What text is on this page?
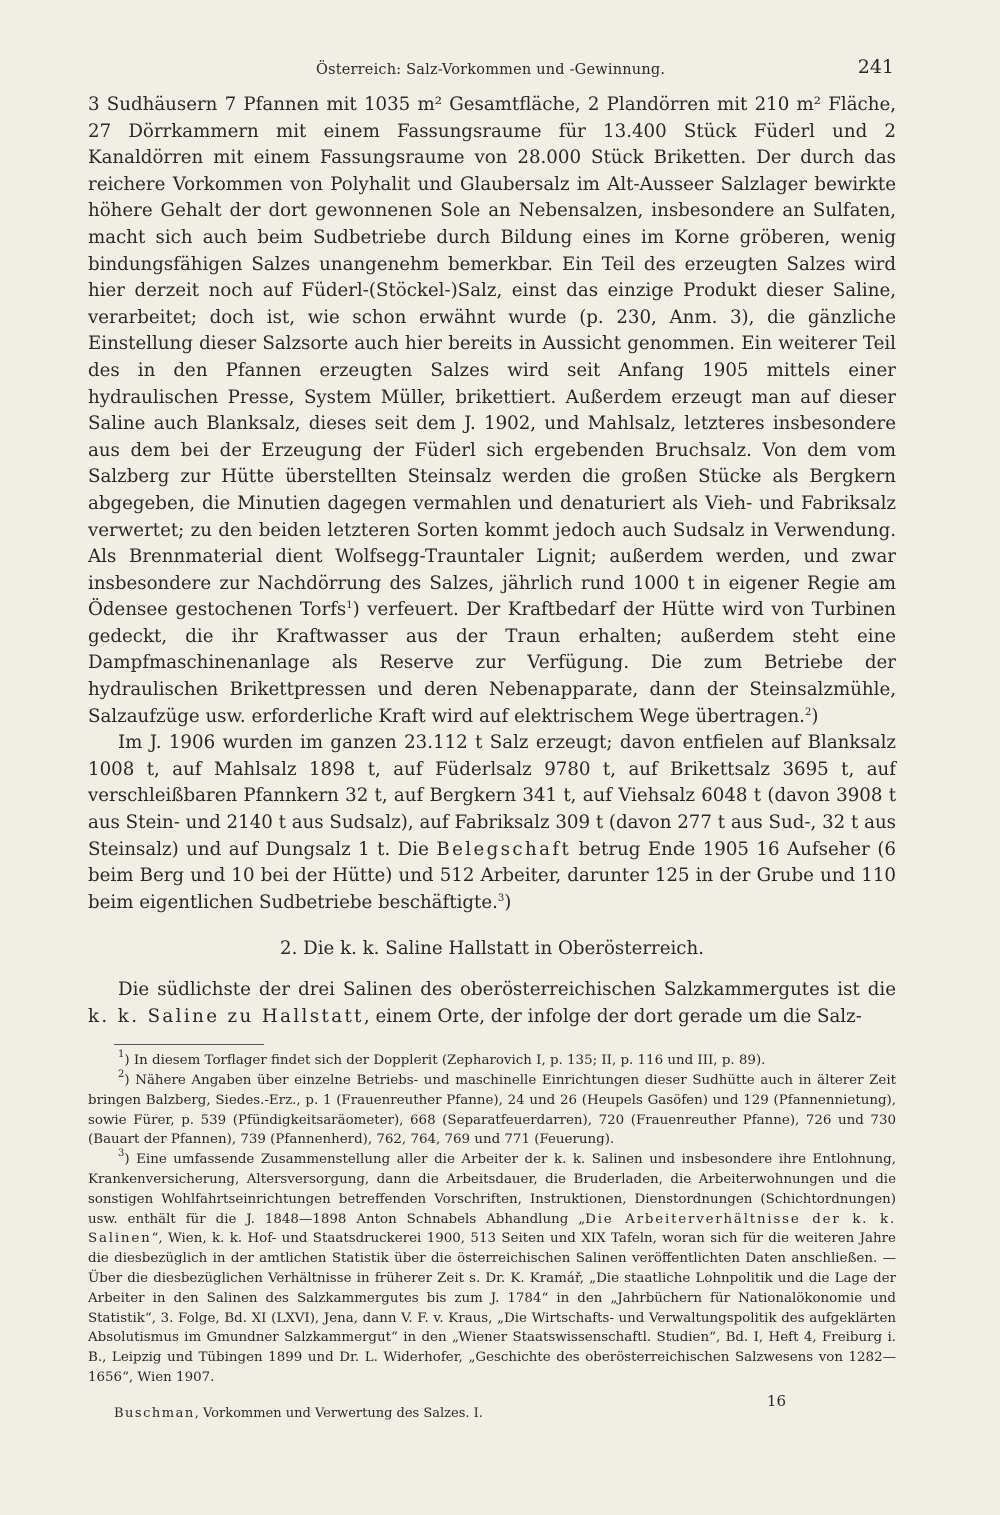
Österreich: Salz-Vorkommen und -Gewinnung.	241

3 Sudhäusern 7 Pfannen mit 1035 m² Gesamtfläche, 2 Plandörren mit 210 m² Fläche, 27 Dörrkammern mit einem Fassungsraume für 13.400 Stück Füderl und 2 Kanaldörren mit einem Fassungsraume von 28.000 Stück Briketten. Der durch das reichere Vorkommen von Polyhalit und Glaubersalz im Alt-Ausseer Salzlager bewirkte höhere Gehalt der dort gewonnenen Sole an Nebensalzen, insbesondere an Sulfaten, macht sich auch beim Sudbetriebe durch Bildung eines im Korne gröberen, wenig bindungsfähigen Salzes unangenehm bemerkbar. Ein Teil des erzeugten Salzes wird hier derzeit noch auf Füderl-(Stöckel-)Salz, einst das einzige Produkt dieser Saline, verarbeitet; doch ist, wie schon erwähnt wurde (p. 230, Anm. 3), die gänzliche Einstellung dieser Salzsorte auch hier bereits in Aussicht genommen. Ein weiterer Teil des in den Pfannen erzeugten Salzes wird seit Anfang 1905 mittels einer hydraulischen Presse, System Müller, brikettiert. Außerdem erzeugt man auf dieser Saline auch Blanksalz, dieses seit dem J. 1902, und Mahlsalz, letzteres insbesondere aus dem bei der Erzeugung der Füderl sich ergebenden Bruchsalz. Von dem vom Salzberg zur Hütte überstellten Steinsalz werden die großen Stücke als Bergkern abgegeben, die Minutien dagegen vermahlen und denaturiert als Vieh- und Fabriksalz verwertet; zu den beiden letzteren Sorten kommt jedoch auch Sudsalz in Verwendung. Als Brennmaterial dient Wolfsegg-Trauntaler Lignit; außerdem werden, und zwar insbesondere zur Nachdörrung des Salzes, jährlich rund 1000 t in eigener Regie am Ödensee gestochenen Torfs$^1$) verfeuert. Der Kraftbedarf der Hütte wird von Turbinen gedeckt, die ihr Kraftwasser aus der Traun erhalten; außerdem steht eine Dampfmaschinenanlage als Reserve zur Verfügung. Die zum Betriebe der hydraulischen Brikettpressen und deren Nebenapparate, dann der Steinsalzmühle, Salzaufzüge usw. erforderliche Kraft wird auf elektrischem Wege übertragen.$^2$)

Im J. 1906 wurden im ganzen 23.112 t Salz erzeugt; davon entfielen auf Blanksalz 1008 t, auf Mahlsalz 1898 t, auf Füderlsalz 9780 t, auf Brikettsalz 3695 t, auf verschleißbaren Pfannkern 32 t, auf Bergkern 341 t, auf Viehsalz 6048 t (davon 3908 t aus Stein- und 2140 t aus Sudsalz), auf Fabriksalz 309 t (davon 277 t aus Sud-, 32 t aus Steinsalz) und auf Dungsalz 1 t. Die Belegschaft betrug Ende 1905 16 Aufseher (6 beim Berg und 10 bei der Hütte) und 512 Arbeiter, darunter 125 in der Grube und 110 beim eigentlichen Sudbetriebe beschäftigte.$^3$)

2. Die k. k. Saline Hallstatt in Oberösterreich.

Die südlichste der drei Salinen des oberösterreichischen Salzkammergutes ist die k. k. Saline zu Hallstatt, einem Orte, der infolge der dort gerade um die Salz-

$^1$) In diesem Torflager findet sich der Dopplerit (Zepharovich I, p. 135; II, p. 116 und III, p. 89).

$^2$) Nähere Angaben über einzelne Betriebs- und maschinelle Einrichtungen dieser Sudhütte auch in älterer Zeit bringen Balzberg, Siedes.-Erz., p. 1 (Frauenreuther Pfanne), 24 und 26 (Heupels Gasöfen) und 129 (Pfannennietung), sowie Fürer, p. 539 (Pfündigkeitsaräometer), 668 (Separatfeuerdarren), 720 (Frauenreuther Pfanne), 726 und 730 (Bauart der Pfannen), 739 (Pfannenherd), 762, 764, 769 und 771 (Feuerung).

$^3$) Eine umfassende Zusammenstellung aller die Arbeiter der k. k. Salinen und insbesondere ihre Entlohnung, Krankenversicherung, Altersversorgung, dann die Arbeitsdauer, die Bruderladen, die Arbeiterwohnungen und die sonstigen Wohlfahrtseinrichtungen betreffenden Vorschriften, Instruktionen, Dienstordnungen (Schichtordnungen) usw. enthält für die J. 1848—1898 Anton Schnabels Abhandlung „Die Arbeiterverhältnisse der k. k. Salinen“, Wien, k. k. Hof- und Staatsdruckerei 1900, 513 Seiten und XIX Tafeln, woran sich für die weiteren Jahre die diesbezüglich in der amtlichen Statistik über die österreichischen Salinen veröffentlichten Daten anschließen. — Über die diesbezüglichen Verhältnisse in früherer Zeit s. Dr. K. Kramář, „Die staatliche Lohnpolitik und die Lage der Arbeiter in den Salinen des Salzkammergutes bis zum J. 1784“ in den „Jahrbüchern für Nationalökonomie und Statistik“, 3. Folge, Bd. XI (LXVI), Jena, dann V. F. v. Kraus, „Die Wirtschafts- und Verwaltungspolitik des aufgeklärten Absolutismus im Gmundner Salzkammergut“ in den „Wiener Staatswissenschaftl. Studien“, Bd. I, Heft 4, Freiburg i. B., Leipzig und Tübingen 1899 und Dr. L. Widerhofer, „Geschichte des oberösterreichischen Salzwesens von 1282—1656“, Wien 1907.

Buschman, Vorkommen und Verwertung des Salzes. I.
16
